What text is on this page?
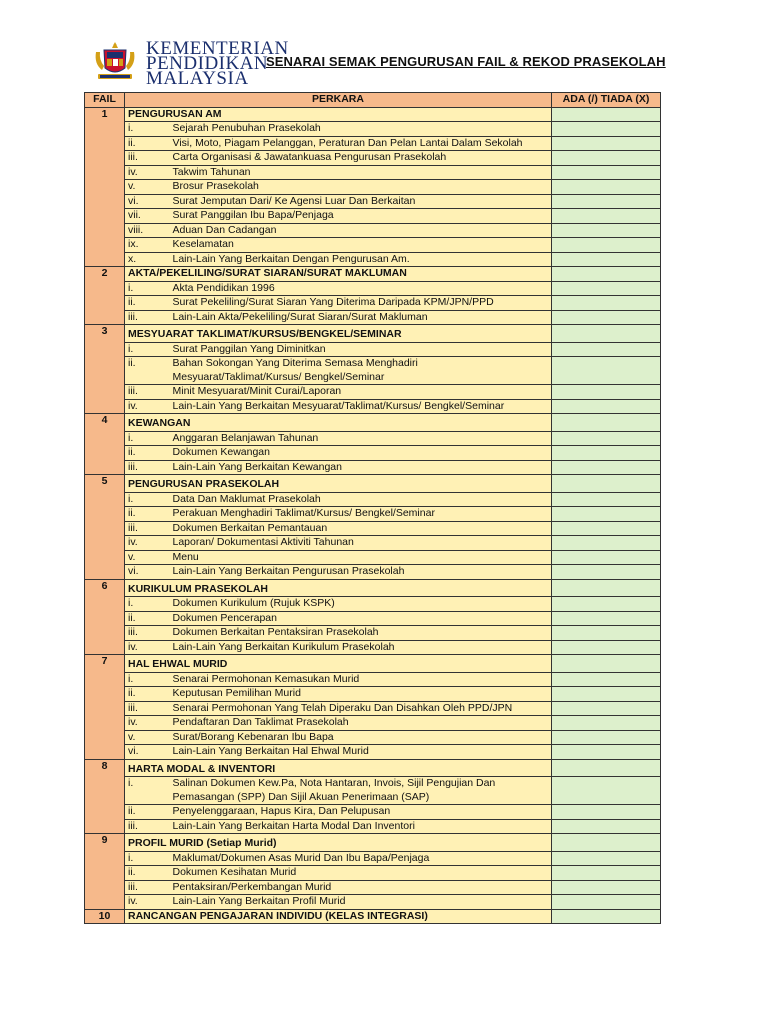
KEMENTERIAN
PENDIDIKAN
MALAYSIA
SENARAI SEMAK PENGURUSAN FAIL & REKOD PRASEKOLAH
FAIL	PERKARA		ADA (/) TIADA (X)
1	PENGURUSAN AM		
	i.	Sejarah Penubuhan Prasekolah	
	ii.	Visi, Moto, Piagam Pelanggan, Peraturan Dan Pelan Lantai Dalam Sekolah	
	iii.	Carta Organisasi & Jawatankuasa Pengurusan Prasekolah	
	iv.	Takwim Tahunan	
	v.	Brosur Prasekolah	
	vi.	Surat Jemputan Dari/ Ke Agensi Luar Dan Berkaitan	
	vii.	Surat Panggilan Ibu Bapa/Penjaga	
	viii.	Aduan Dan Cadangan	
	ix.	Keselamatan	
	x.	Lain-Lain Yang Berkaitan Dengan Pengurusan Am.	
2	AKTA/PEKELILING/SURAT SIARAN/SURAT MAKLUMAN		
	i.	Akta Pendidikan 1996	
	ii.	Surat Pekeliling/Surat Siaran Yang Diterima Daripada KPM/JPN/PPD	
	iii.	Lain-Lain Akta/Pekeliling/Surat Siaran/Surat Makluman	
3	MESYUARAT TAKLIMAT/KURSUS/BENGKEL/SEMINAR		
	i.	Surat Panggilan Yang Diminitkan	
	ii.	Bahan Sokongan Yang Diterima Semasa Menghadiri Mesyuarat/Taklimat/Kursus/ Bengkel/Seminar	
	iii.	Minit Mesyuarat/Minit Curai/Laporan	
	iv.	Lain-Lain Yang Berkaitan Mesyuarat/Taklimat/Kursus/ Bengkel/Seminar	
4	KEWANGAN		
	i.	Anggaran Belanjawan Tahunan	
	ii.	Dokumen Kewangan	
	iii.	Lain-Lain Yang Berkaitan Kewangan	
5	PENGURUSAN PRASEKOLAH		
	i.	Data Dan Maklumat Prasekolah	
	ii.	Perakuan Menghadiri Taklimat/Kursus/ Bengkel/Seminar	
	iii.	Dokumen Berkaitan Pemantauan	
	iv.	Laporan/ Dokumentasi Aktiviti Tahunan	
	v.	Menu	
	vi.	Lain-Lain Yang Berkaitan Pengurusan Prasekolah	
6	KURIKULUM PRASEKOLAH		
	i.	Dokumen Kurikulum (Rujuk KSPK)	
	ii.	Dokumen Pencerapan	
	iii.	Dokumen Berkaitan Pentaksiran Prasekolah	
	iv.	Lain-Lain Yang Berkaitan Kurikulum Prasekolah	
7	HAL EHWAL MURID		
	i.	Senarai Permohonan Kemasukan Murid	
	ii.	Keputusan Pemilihan Murid	
	iii.	Senarai Permohonan Yang Telah Diperaku Dan Disahkan Oleh PPD/JPN	
	iv.	Pendaftaran Dan Taklimat Prasekolah	
	v.	Surat/Borang Kebenaran Ibu Bapa	
	vi.	Lain-Lain Yang Berkaitan Hal Ehwal Murid	
8	HARTA MODAL & INVENTORI		
	i.	Salinan Dokumen Kew.Pa, Nota Hantaran, Invois, Sijil Pengujian Dan Pemasangan (SPP) Dan Sijil Akuan Penerimaan (SAP)	
	ii.	Penyelenggaraan, Hapus Kira, Dan Pelupusan	
	iii.	Lain-Lain Yang Berkaitan Harta Modal Dan Inventori	
9	PROFIL MURID (Setiap Murid)		
	i.	Maklumat/Dokumen Asas Murid Dan Ibu Bapa/Penjaga	
	ii.	Dokumen Kesihatan Murid	
	iii.	Pentaksiran/Perkembangan Murid	
	iv.	Lain-Lain Yang Berkaitan Profil Murid	
10	RANCANGAN PENGAJARAN INDIVIDU (KELAS INTEGRASI)		
